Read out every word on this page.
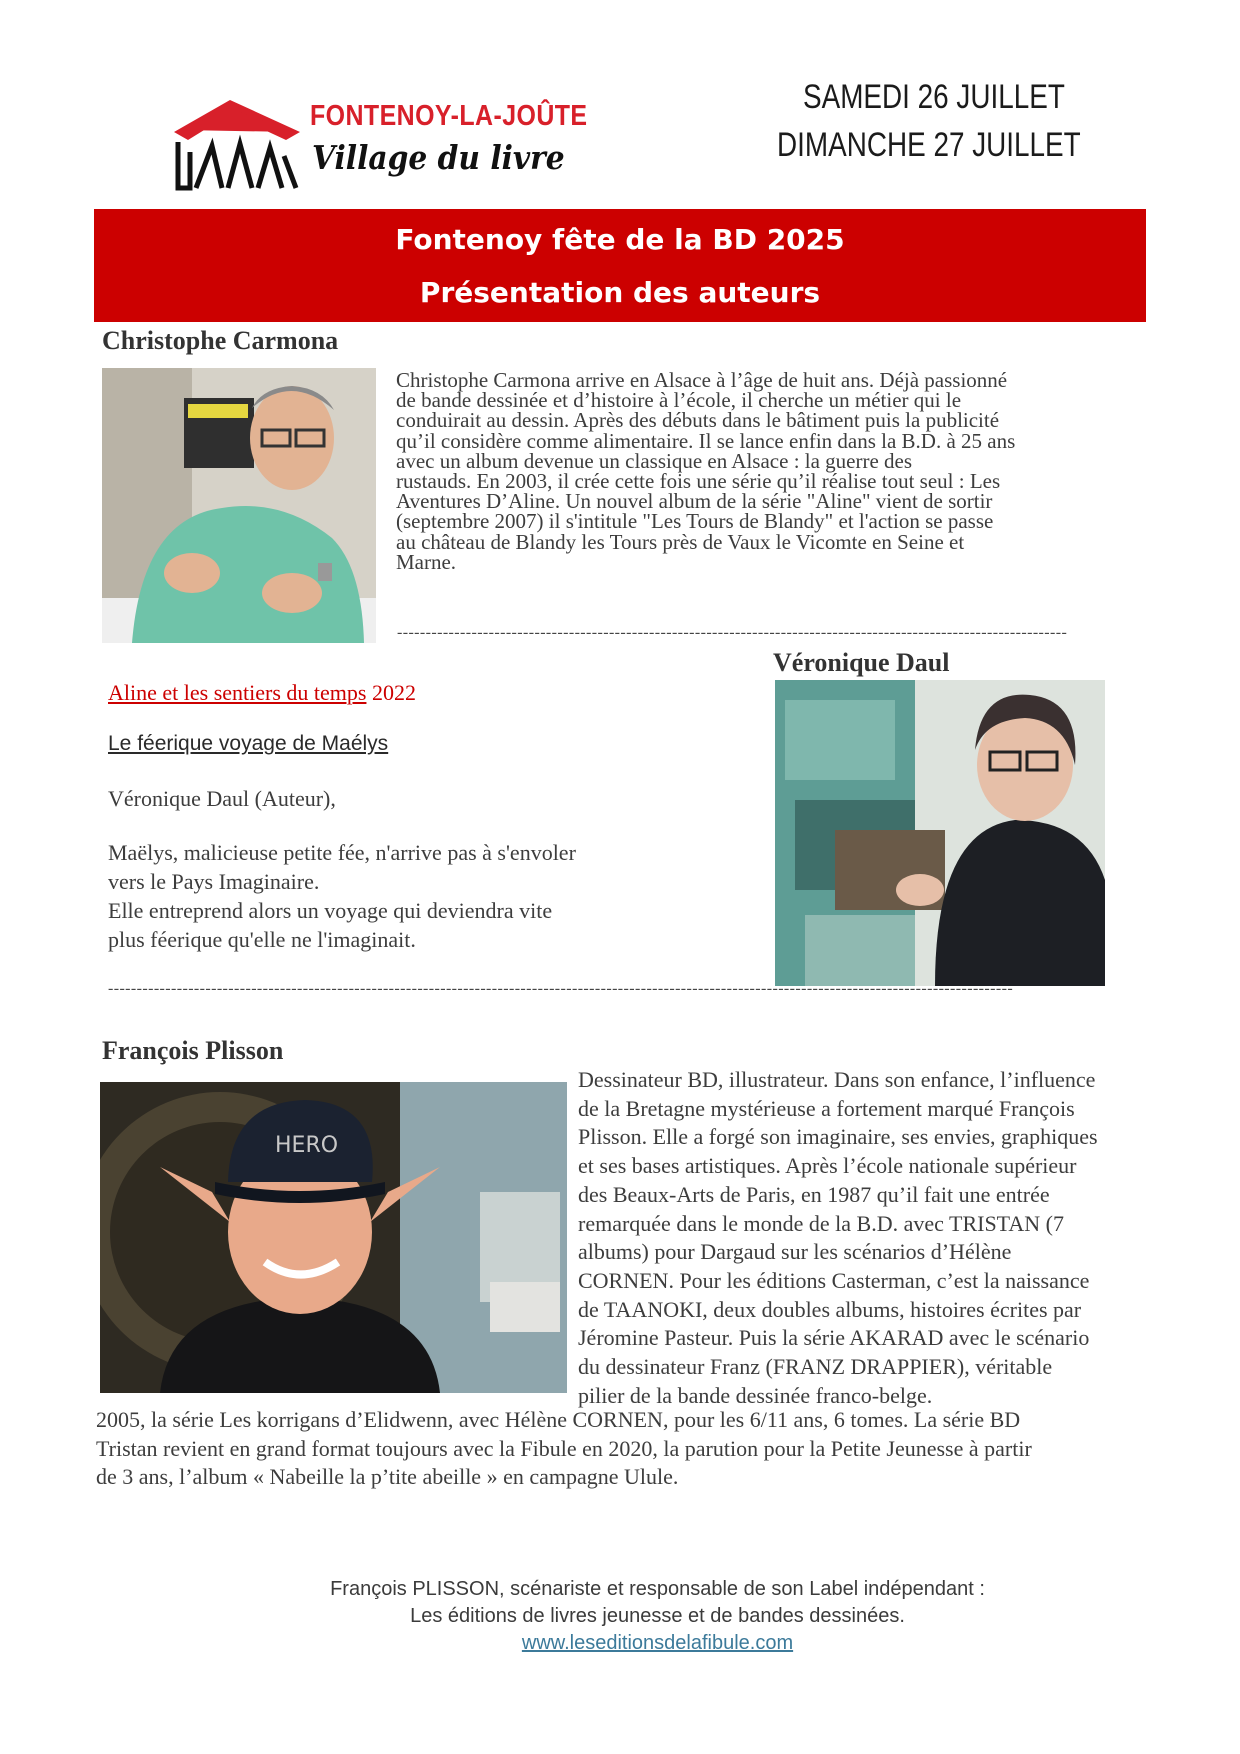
FONTENOY-LA-JOÛTE
Village du livre
SAMEDI 26 JUILLET
DIMANCHE 27 JUILLET
Fontenoy fête de la BD 2025
Présentation des auteurs
Christophe Carmona
Christophe Carmona arrive en Alsace à l’âge de huit ans. Déjà passionné
de bande dessinée et d’histoire à l’école, il cherche un métier qui le
conduirait au dessin. Après des débuts dans le bâtiment puis la publicité
qu’il considère comme alimentaire. Il se lance enfin dans la B.D. à 25 ans
avec un album devenue un classique en Alsace : la guerre des
rustauds. En 2003, il crée cette fois une série qu’il réalise tout seul : Les
Aventures D’Aline. Un nouvel album de la série "Aline" vient de sortir
(septembre 2007) il s'intitule "Les Tours de Blandy" et l'action se passe
au château de Blandy les Tours près de Vaux le Vicomte en Seine et
Marne.
---------------------------------------------------------------------------------------------------------------------
Véronique Daul
Aline et les sentiers du temps 2022
Le féerique voyage de Maélys
Véronique Daul (Auteur),
Maëlys, malicieuse petite fée, n'arrive pas à s'envoler
vers le Pays Imaginaire.
Elle entreprend alors un voyage qui deviendra vite
plus féerique qu'elle ne l'imaginait.
--------------------------------------------------------------------------------------------------------------------------------------------------------------
François Plisson
HERO
Dessinateur BD, illustrateur. Dans son enfance, l’influence
de la Bretagne mystérieuse a fortement marqué François
Plisson. Elle a forgé son imaginaire, ses envies, graphiques
et ses bases artistiques. Après l’école nationale supérieur
des Beaux-Arts de Paris, en 1987 qu’il fait une entrée
remarquée dans le monde de la B.D. avec TRISTAN (7
albums) pour Dargaud sur les scénarios d’Hélène
CORNEN. Pour les éditions Casterman, c’est la naissance
de TAANOKI, deux doubles albums, histoires écrites par
Jéromine Pasteur. Puis la série AKARAD avec le scénario
du dessinateur Franz (FRANZ DRAPPIER), véritable
pilier de la bande dessinée franco-belge.
2005, la série Les korrigans d’Elidwenn, avec Hélène CORNEN, pour les 6/11 ans, 6 tomes. La série BD
Tristan revient en grand format toujours avec la Fibule en 2020, la parution pour la Petite Jeunesse à partir
de 3 ans, l’album « Nabeille la p’tite abeille » en campagne Ulule.
François PLISSON, scénariste et responsable de son Label indépendant :
Les éditions de livres jeunesse et de bandes dessinées.
www.leseditionsdelafibule.com
